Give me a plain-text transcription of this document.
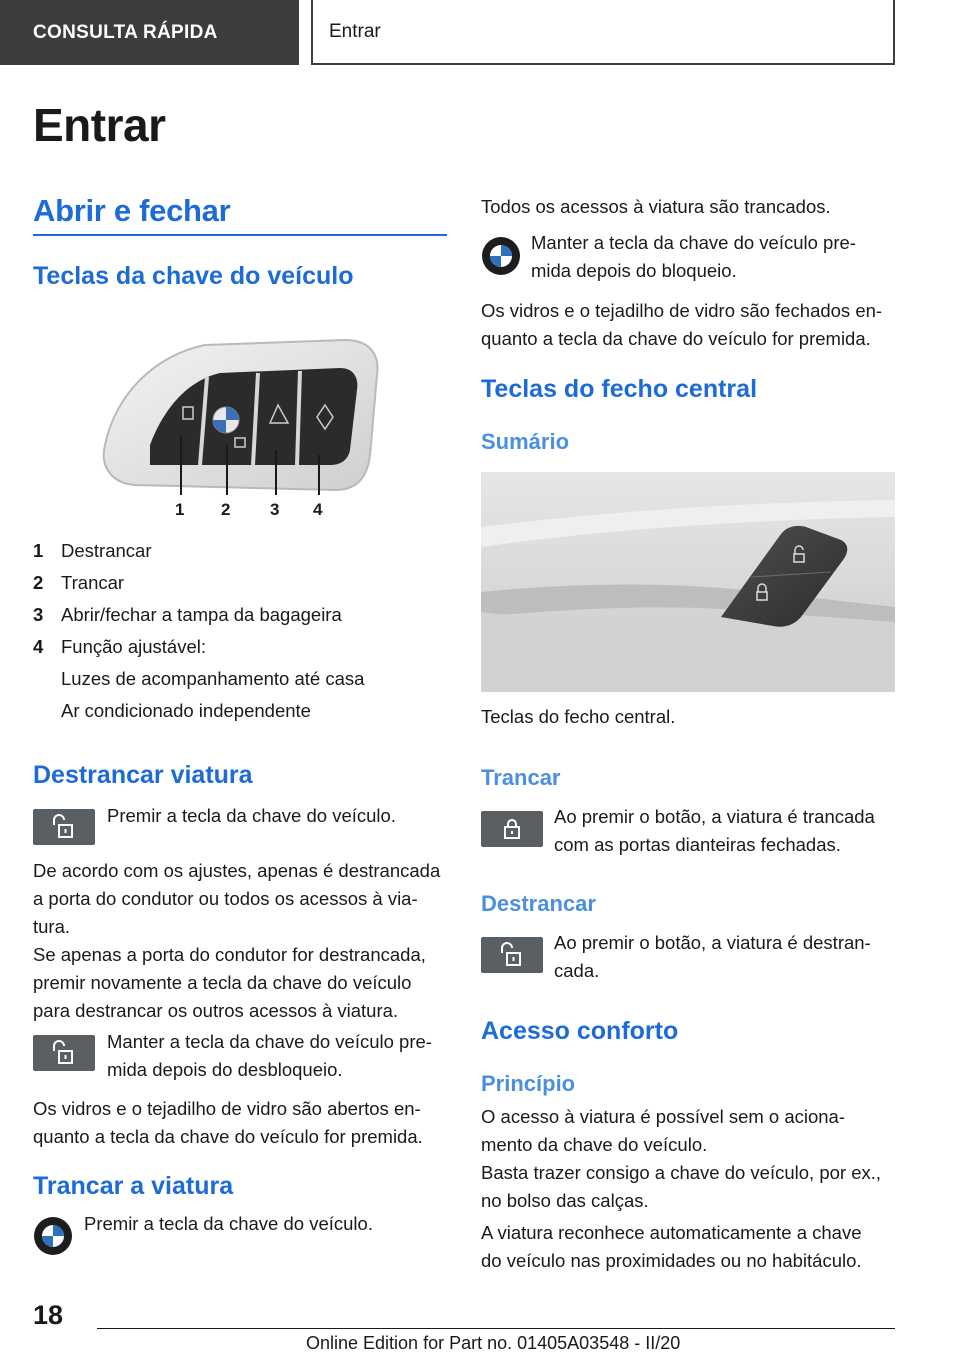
CONSULTA RÁPIDA	Entrar
Entrar
Abrir e fechar
Teclas da chave do veículo
1 2 3 4
1 Destrancar
2 Trancar
3 Abrir/fechar a tampa da bagageira
4 Função ajustável:
Luzes de acompanhamento até casa
Ar condicionado independente
Destrancar viatura
Premir a tecla da chave do veículo.
De acordo com os ajustes, apenas é destrancada
a porta do condutor ou todos os acessos à via-
tura.
Se apenas a porta do condutor for destrancada,
premir novamente a tecla da chave do veículo
para destrancar os outros acessos à viatura.
Manter a tecla da chave do veículo pre-
mida depois do desbloqueio.
Os vidros e o tejadilho de vidro são abertos en-
quanto a tecla da chave do veículo for premida.
Trancar a viatura
Premir a tecla da chave do veículo.
Todos os acessos à viatura são trancados.
Manter a tecla da chave do veículo pre-
mida depois do bloqueio.
Os vidros e o tejadilho de vidro são fechados en-
quanto a tecla da chave do veículo for premida.
Teclas do fecho central
Sumário
Teclas do fecho central.
Trancar
Ao premir o botão, a viatura é trancada
com as portas dianteiras fechadas.
Destrancar
Ao premir o botão, a viatura é destran-
cada.
Acesso conforto
Princípio
O acesso à viatura é possível sem o aciona-
mento da chave do veículo.
Basta trazer consigo a chave do veículo, por ex.,
no bolso das calças.
A viatura reconhece automaticamente a chave
do veículo nas proximidades ou no habitáculo.
18
Online Edition for Part no. 01405A03548 - II/20
